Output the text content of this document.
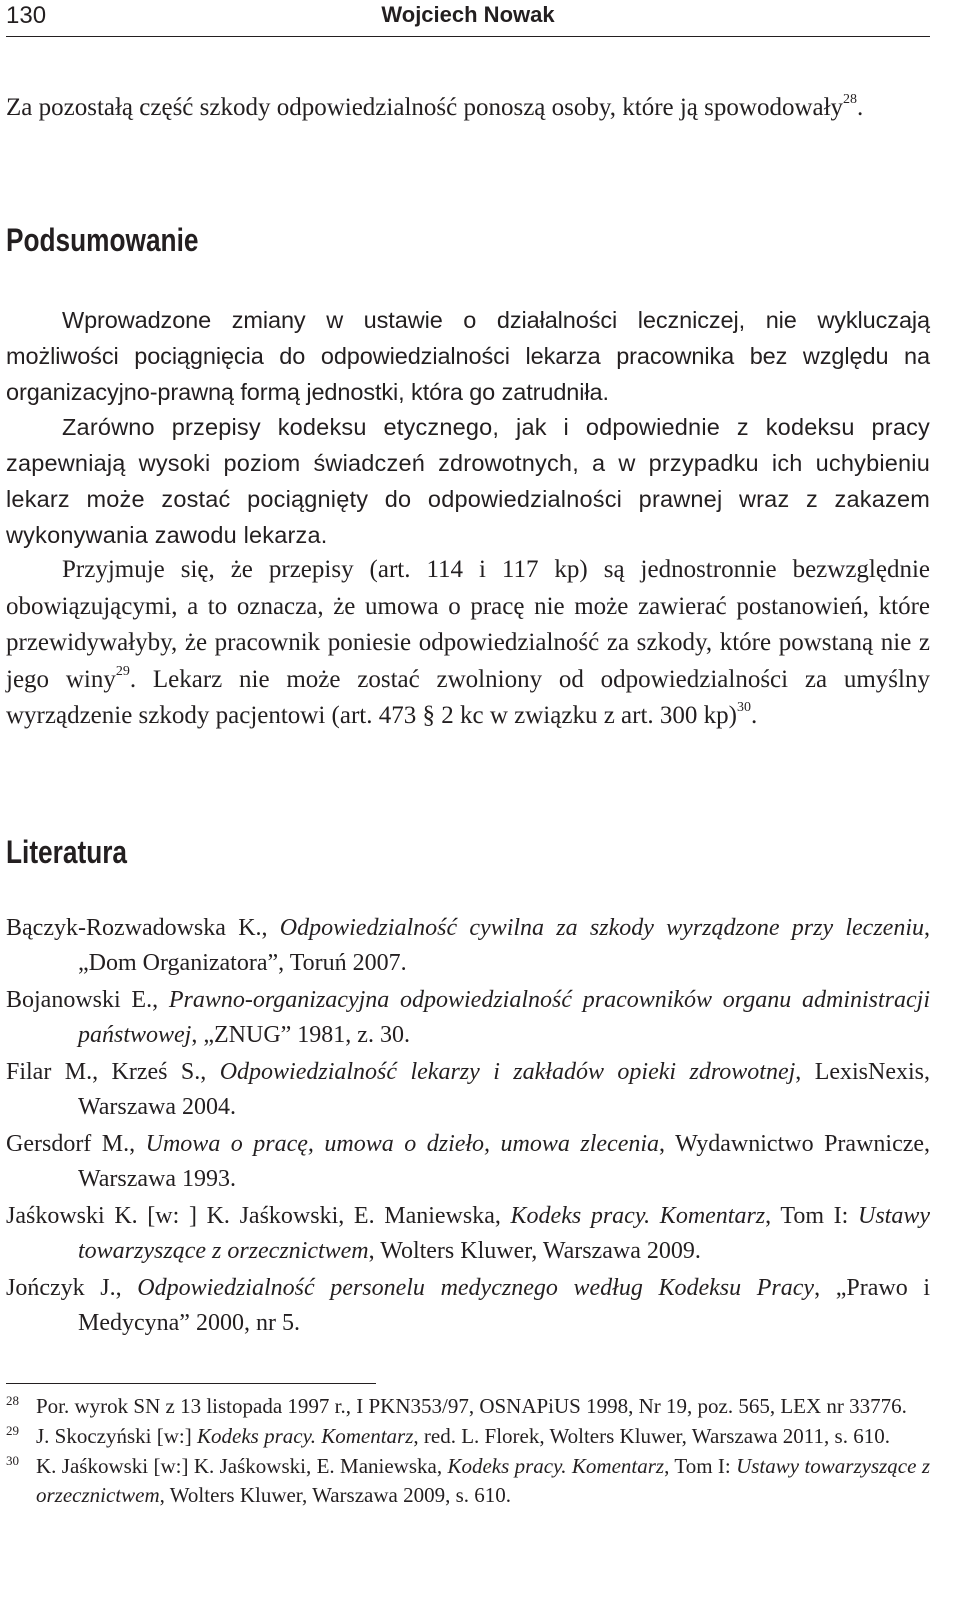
130	Wojciech Nowak

Za pozostałą część szkody odpowiedzialność ponoszą osoby, które ją spowodowały$^{28}$.

Podsumowanie

Wprowadzone zmiany w ustawie o działalności leczniczej, nie wykluczają możliwości pociągnięcia do odpowiedzialności lekarza pracownika bez względu na organizacyjno-prawną formą jednostki, która go zatrudniła.

Zarówno przepisy kodeksu etycznego, jak i odpowiednie z kodeksu pracy zapewniają wysoki poziom świadczeń zdrowotnych, a w przypadku ich uchybieniu lekarz może zostać pociągnięty do odpowiedzialności prawnej wraz z zakazem wykonywania zawodu lekarza.

Przyjmuje się, że przepisy (art. 114 i 117 kp) są jednostronnie bezwzględnie obowiązującymi, a to oznacza, że umowa o pracę nie może zawierać postanowień, które przewidywałyby, że pracownik poniesie odpowiedzialność za szkody, które powstaną nie z jego winy$^{29}$. Lekarz nie może zostać zwolniony od odpowiedzialności za umyślny wyrządzenie szkody pacjentowi (art. 473 § 2 kc w związku z art. 300 kp)$^{30}$.

Literatura
Bączyk-Rozwadowska K., Odpowiedzialność cywilna za szkody wyrządzone przy leczeniu, „Dom Organizatora”, Toruń 2007.
Bojanowski E., Prawno-organizacyjna odpowiedzialność pracowników organu administracji państwowej, „ZNUG” 1981, z. 30.
Filar M., Krześ S., Odpowiedzialność lekarzy i zakładów opieki zdrowotnej, LexisNexis, Warszawa 2004.
Gersdorf M., Umowa o pracę, umowa o dzieło, umowa zlecenia, Wydawnictwo Prawnicze, Warszawa 1993.
Jaśkowski K. [w: ] K. Jaśkowski, E. Maniewska, Kodeks pracy. Komentarz, Tom I: Ustawy towarzyszące z orzecznictwem, Wolters Kluwer, Warszawa 2009.
Jończyk J., Odpowiedzialność personelu medycznego według Kodeksu Pracy, „Prawo i Medycyna” 2000, nr 5.
28 Por. wyrok SN z 13 listopada 1997 r., I PKN353/97, OSNAPiUS 1998, Nr 19, poz. 565, LEX nr 33776.
29 J. Skoczyński [w:] Kodeks pracy. Komentarz, red. L. Florek, Wolters Kluwer, Warszawa 2011, s. 610.
30 K. Jaśkowski [w:] K. Jaśkowski, E. Maniewska, Kodeks pracy. Komentarz, Tom I: Ustawy towarzyszące z orzecznictwem, Wolters Kluwer, Warszawa 2009, s. 610.
